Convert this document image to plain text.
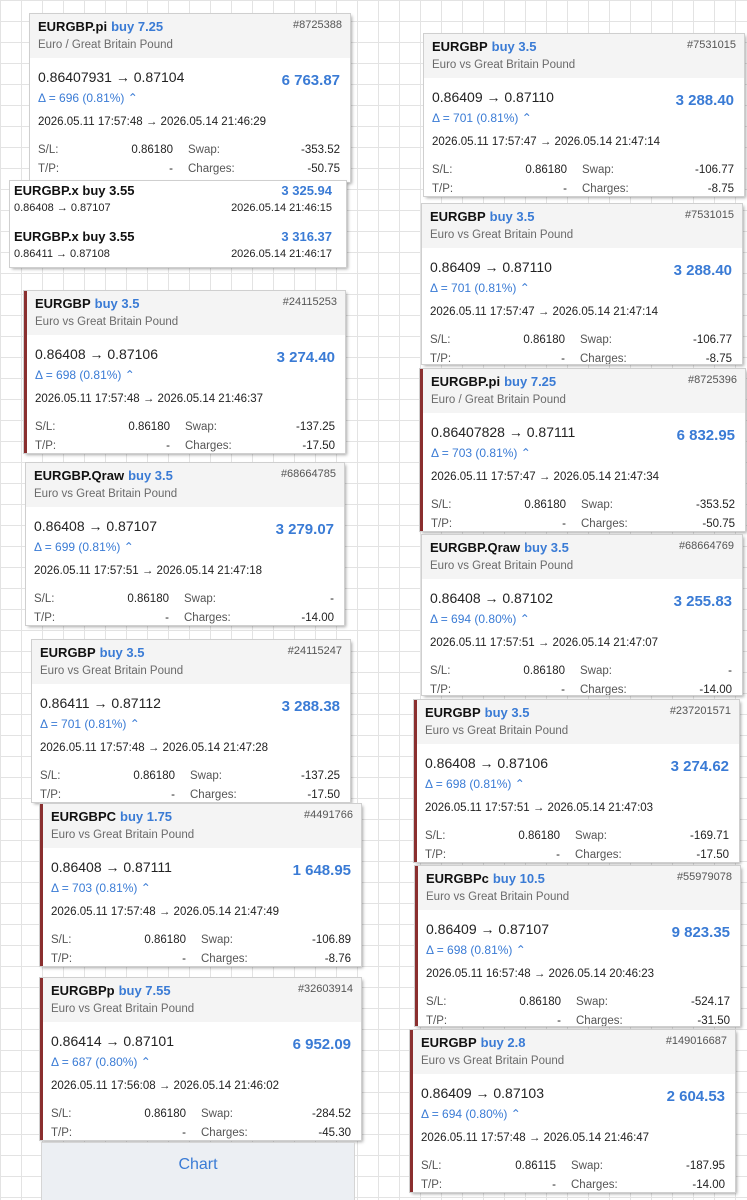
EURGBP.pi buy 7.25	#8725388
Euro / Great Britain Pound
0.86407931 → 0.87104	6 763.87
Δ = 696 (0.81%) ⌃
2026.05.11 17:57:48 → 2026.05.14 21:46:29
S/L:	0.86180 Swap:	-353.52
T/P:	- Charges:	-50.75
EURGBP.x buy 3.55	3 325.94
0.86408 → 0.87107	2026.05.14 21:46:15
EURGBP.x buy 3.55	3 316.37
0.86411 → 0.87108	2026.05.14 21:46:17
EURGBP buy 3.5	#24115253
Euro vs Great Britain Pound
0.86408 → 0.87106	3 274.40
Δ = 698 (0.81%) ⌃
2026.05.11 17:57:48 → 2026.05.14 21:46:37
S/L:	0.86180 Swap:	-137.25
T/P:	- Charges:	-17.50
EURGBP.Qraw buy 3.5	#68664785
Euro vs Great Britain Pound
0.86408 → 0.87107	3 279.07
Δ = 699 (0.81%) ⌃
2026.05.11 17:57:51 → 2026.05.14 21:47:18
S/L:	0.86180 Swap:	-
T/P:	- Charges:	-14.00
EURGBP buy 3.5	#24115247
Euro vs Great Britain Pound
0.86411 → 0.87112	3 288.38
Δ = 701 (0.81%) ⌃
2026.05.11 17:57:48 → 2026.05.14 21:47:28
S/L:	0.86180 Swap:	-137.25
T/P:	- Charges:	-17.50
EURGBPC buy 1.75	#4491766
Euro vs Great Britain Pound
0.86408 → 0.87111	1 648.95
Δ = 703 (0.81%) ⌃
2026.05.11 17:57:48 → 2026.05.14 21:47:49
S/L:	0.86180 Swap:	-106.89
T/P:	- Charges:	-8.76
EURGBPp buy 7.55	#32603914
Euro vs Great Britain Pound
0.86414 → 0.87101	6 952.09
Δ = 687 (0.80%) ⌃
2026.05.11 17:56:08 → 2026.05.14 21:46:02
S/L:	0.86180 Swap:	-284.52
T/P:	- Charges:	-45.30
Chart
EURGBP buy 3.5	#7531015
Euro vs Great Britain Pound
0.86409 → 0.87110	3 288.40
Δ = 701 (0.81%) ⌃
2026.05.11 17:57:47 → 2026.05.14 21:47:14
S/L:	0.86180 Swap:	-106.77
T/P:	- Charges:	-8.75
EURGBP buy 3.5	#7531015
Euro vs Great Britain Pound
0.86409 → 0.87110	3 288.40
Δ = 701 (0.81%) ⌃
2026.05.11 17:57:47 → 2026.05.14 21:47:14
S/L:	0.86180 Swap:	-106.77
T/P:	- Charges:	-8.75
EURGBP.pi buy 7.25	#8725396
Euro / Great Britain Pound
0.86407828 → 0.87111	6 832.95
Δ = 703 (0.81%) ⌃
2026.05.11 17:57:47 → 2026.05.14 21:47:34
S/L:	0.86180 Swap:	-353.52
T/P:	- Charges:	-50.75
EURGBP.Qraw buy 3.5	#68664769
Euro vs Great Britain Pound
0.86408 → 0.87102	3 255.83
Δ = 694 (0.80%) ⌃
2026.05.11 17:57:51 → 2026.05.14 21:47:07
S/L:	0.86180 Swap:	-
T/P:	- Charges:	-14.00
EURGBP buy 3.5	#237201571
Euro vs Great Britain Pound
0.86408 → 0.87106	3 274.62
Δ = 698 (0.81%) ⌃
2026.05.11 17:57:51 → 2026.05.14 21:47:03
S/L:	0.86180 Swap:	-169.71
T/P:	- Charges:	-17.50
EURGBPc buy 10.5	#55979078
Euro vs Great Britain Pound
0.86409 → 0.87107	9 823.35
Δ = 698 (0.81%) ⌃
2026.05.11 16:57:48 → 2026.05.14 20:46:23
S/L:	0.86180 Swap:	-524.17
T/P:	- Charges:	-31.50
EURGBP buy 2.8	#149016687
Euro vs Great Britain Pound
0.86409 → 0.87103	2 604.53
Δ = 694 (0.80%) ⌃
2026.05.11 17:57:48 → 2026.05.14 21:46:47
S/L:	0.86115 Swap:	-187.95
T/P:	- Charges:	-14.00
